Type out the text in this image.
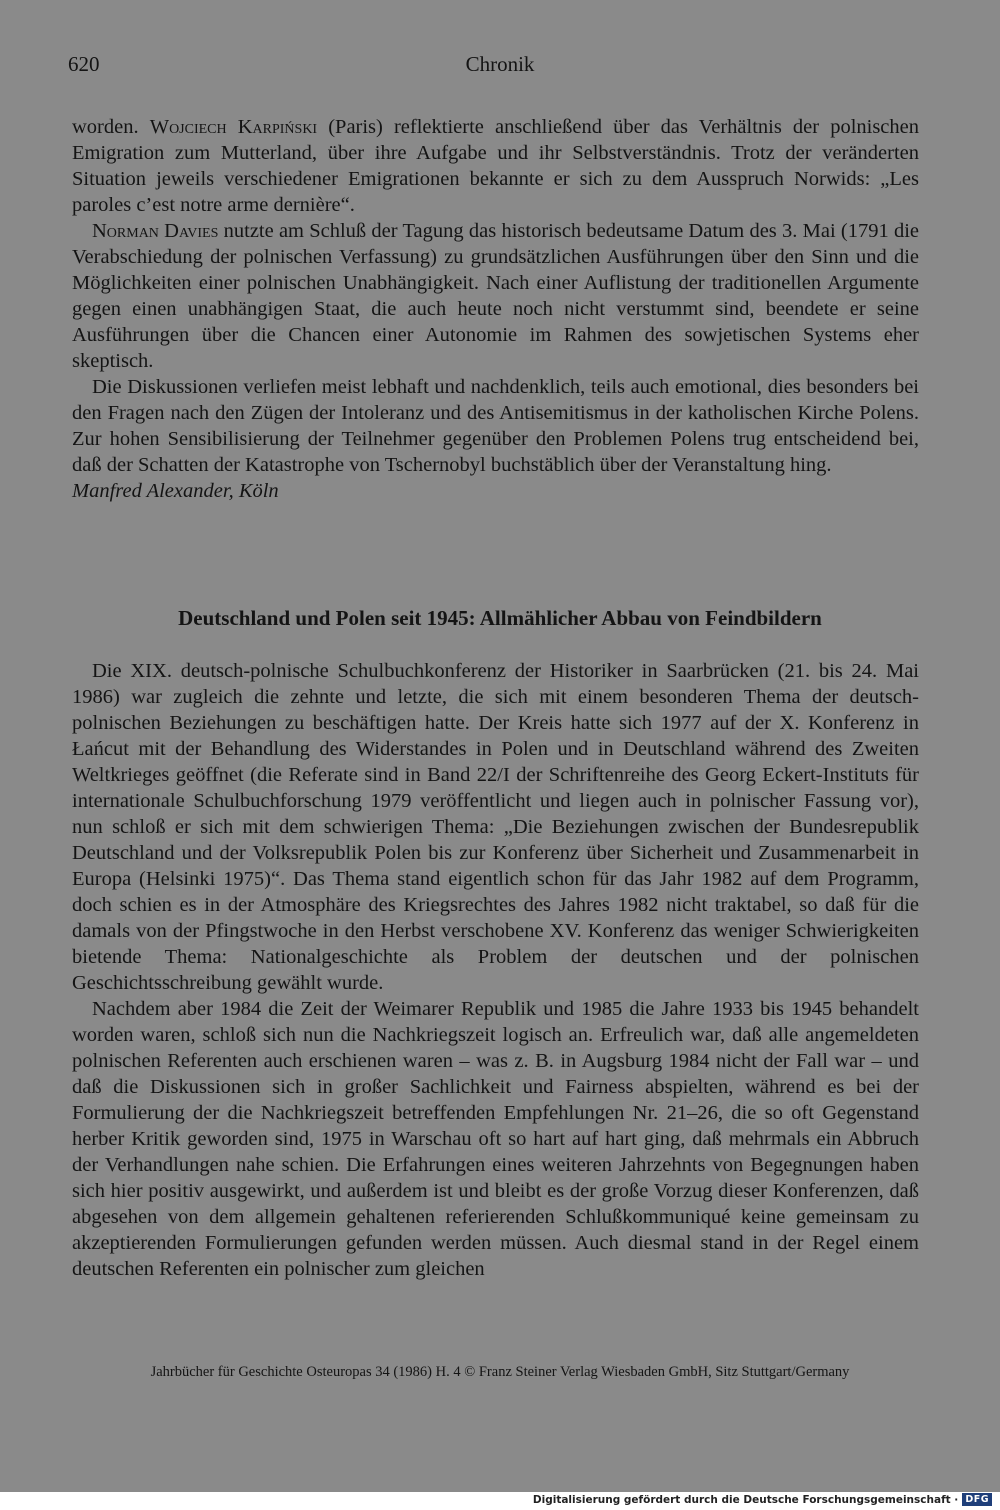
620	Chronik

worden. Wojciech Karpiński (Paris) reflektierte anschließend über das Verhältnis der polnischen Emigration zum Mutterland, über ihre Aufgabe und ihr Selbstverständnis. Trotz der veränderten Situation jeweils verschiedener Emigrationen bekannte er sich zu dem Ausspruch Norwids: „Les paroles c’est notre arme dernière“.

Norman Davies nutzte am Schluß der Tagung das historisch bedeutsame Datum des 3. Mai (1791 die Verabschiedung der polnischen Verfassung) zu grundsätzlichen Ausführungen über den Sinn und die Möglichkeiten einer polnischen Unabhängigkeit. Nach einer Auflistung der traditionellen Argumente gegen einen unabhängigen Staat, die auch heute noch nicht verstummt sind, beendete er seine Ausführungen über die Chancen einer Autonomie im Rahmen des sowjetischen Systems eher skeptisch.

Die Diskussionen verliefen meist lebhaft und nachdenklich, teils auch emotional, dies besonders bei den Fragen nach den Zügen der Intoleranz und des Antisemitismus in der katholischen Kirche Polens. Zur hohen Sensibilisierung der Teilnehmer gegenüber den Problemen Polens trug entscheidend bei, daß der Schatten der Katastrophe von Tschernobyl buchstäblich über der Veranstaltung hing.

Manfred Alexander, Köln

Deutschland und Polen seit 1945: Allmählicher Abbau von Feindbildern

Die XIX. deutsch-polnische Schulbuchkonferenz der Historiker in Saarbrücken (21. bis 24. Mai 1986) war zugleich die zehnte und letzte, die sich mit einem besonderen Thema der deutsch-polnischen Beziehungen zu beschäftigen hatte. Der Kreis hatte sich 1977 auf der X. Konferenz in Łańcut mit der Behandlung des Widerstandes in Polen und in Deutschland während des Zweiten Weltkrieges geöffnet (die Referate sind in Band 22/I der Schriftenreihe des Georg Eckert-Instituts für internationale Schulbuchforschung 1979 veröffentlicht und liegen auch in polnischer Fassung vor), nun schloß er sich mit dem schwierigen Thema: „Die Beziehungen zwischen der Bundesrepublik Deutschland und der Volksrepublik Polen bis zur Konferenz über Sicherheit und Zusammenarbeit in Europa (Helsinki 1975)“. Das Thema stand eigentlich schon für das Jahr 1982 auf dem Programm, doch schien es in der Atmosphäre des Kriegsrechtes des Jahres 1982 nicht traktabel, so daß für die damals von der Pfingstwoche in den Herbst verschobene XV. Konferenz das weniger Schwierigkeiten bietende Thema: Nationalgeschichte als Problem der deutschen und der polnischen Geschichtsschreibung gewählt wurde.

Nachdem aber 1984 die Zeit der Weimarer Republik und 1985 die Jahre 1933 bis 1945 behandelt worden waren, schloß sich nun die Nachkriegszeit logisch an. Erfreulich war, daß alle angemeldeten polnischen Referenten auch erschienen waren – was z. B. in Augsburg 1984 nicht der Fall war – und daß die Diskussionen sich in großer Sachlichkeit und Fairness abspielten, während es bei der Formulierung der die Nachkriegszeit betreffenden Empfehlungen Nr. 21–26, die so oft Gegenstand herber Kritik geworden sind, 1975 in Warschau oft so hart auf hart ging, daß mehrmals ein Abbruch der Verhandlungen nahe schien. Die Erfahrungen eines weiteren Jahrzehnts von Begegnungen haben sich hier positiv ausgewirkt, und außerdem ist und bleibt es der große Vorzug dieser Konferenzen, daß abgesehen von dem allgemein gehaltenen referierenden Schlußkommuniqué keine gemeinsam zu akzeptierenden Formulierungen gefunden werden müssen. Auch diesmal stand in der Regel einem deutschen Referenten ein polnischer zum gleichen

Jahrbücher für Geschichte Osteuropas 34 (1986) H. 4 © Franz Steiner Verlag Wiesbaden GmbH, Sitz Stuttgart/Germany
Digitalisierung gefördert durch die Deutsche Forschungsgemeinschaft · DFG
